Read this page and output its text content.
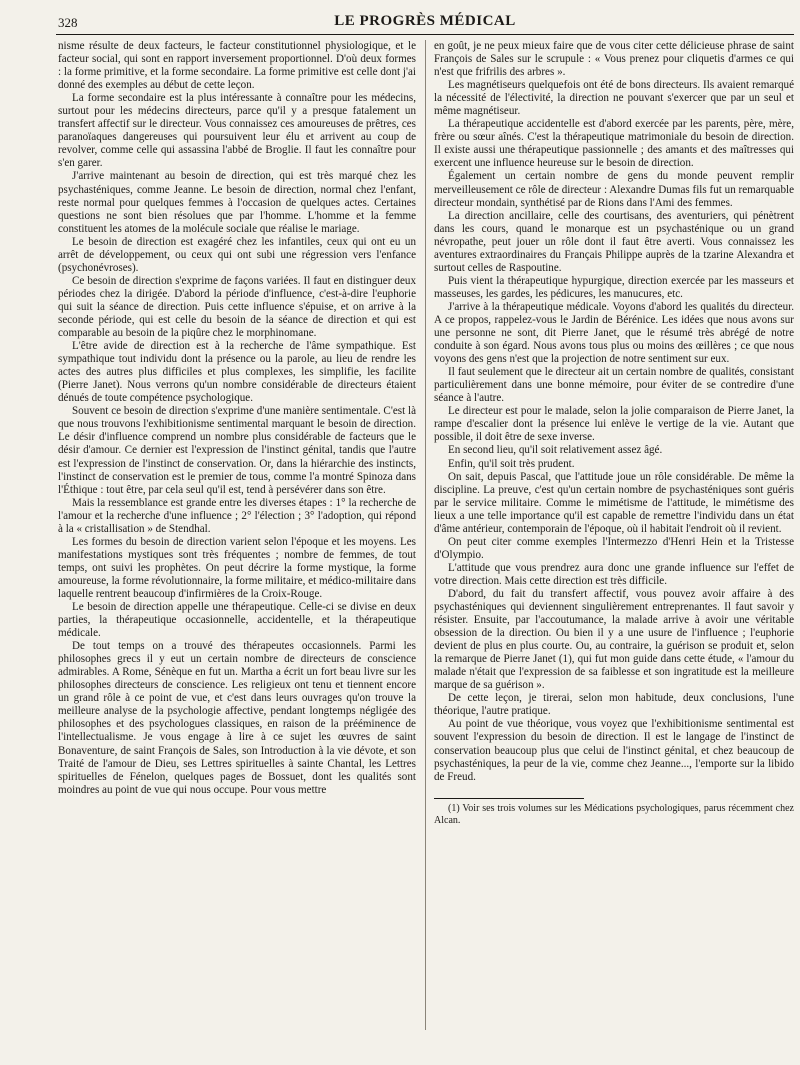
328	LE PROGRÈS MÉDICAL

nisme résulte de deux facteurs, le facteur constitutionnel physiologique, et le facteur social, qui sont en rapport inversement proportionnel. D'où deux formes : la forme primitive, et la forme secondaire. La forme primitive est celle dont j'ai donné des exemples au début de cette leçon.

La forme secondaire est la plus intéressante à connaître pour les médecins, surtout pour les médecins directeurs, parce qu'il y a presque fatalement un transfert affectif sur le directeur. Vous connaissez ces amoureuses de prêtres, ces paranoïaques dangereuses qui poursuivent leur élu et arrivent au coup de revolver, comme celle qui assassina l'abbé de Broglie. Il faut les connaître pour s'en garer.

J'arrive maintenant au besoin de direction, qui est très marqué chez les psychasténiques, comme Jeanne. Le besoin de direction, normal chez l'enfant, reste normal pour quelques femmes à l'occasion de quelques actes. Certaines questions ne sont bien résolues que par l'homme. L'homme et la femme constituent les atomes de la molécule sociale que réalise le mariage.

Le besoin de direction est exagéré chez les infantiles, ceux qui ont eu un arrêt de développement, ou ceux qui ont subi une régression vers l'enfance (psychonévroses).

Ce besoin de direction s'exprime de façons variées. Il faut en distinguer deux périodes chez la dirigée. D'abord la période d'influence, c'est-à-dire l'euphorie qui suit la séance de direction. Puis cette influence s'épuise, et on arrive à la seconde période, qui est celle du besoin de la séance de direction et qui est comparable au besoin de la piqûre chez le morphinomane.

L'être avide de direction est à la recherche de l'âme sympathique. Est sympathique tout individu dont la présence ou la parole, au lieu de rendre les actes des autres plus difficiles et plus complexes, les simplifie, les facilite (Pierre Janet). Nous verrons qu'un nombre considérable de directeurs étaient dénués de toute compétence psychologique.

Souvent ce besoin de direction s'exprime d'une manière sentimentale. C'est là que nous trouvons l'exhibitionisme sentimental marquant le besoin de direction. Le désir d'influence comprend un nombre plus considérable de facteurs que le désir d'amour. Ce dernier est l'expression de l'instinct génital, tandis que l'autre est l'expression de l'instinct de conservation. Or, dans la hiérarchie des instincts, l'instinct de conservation est le premier de tous, comme l'a montré Spinoza dans l'Éthique : tout être, par cela seul qu'il est, tend à persévérer dans son être.

Mais la ressemblance est grande entre les diverses étapes : 1° la recherche de l'amour et la recherche d'une influence ; 2° l'élection ; 3° l'adoption, qui répond à la « cristallisation » de Stendhal.

Les formes du besoin de direction varient selon l'époque et les moyens. Les manifestations mystiques sont très fréquentes ; nombre de femmes, de tout temps, ont suivi les prophètes. On peut décrire la forme mystique, la forme amoureuse, la forme révolutionnaire, la forme militaire, et médico-militaire dans laquelle rentrent beaucoup d'infirmières de la Croix-Rouge.

Le besoin de direction appelle une thérapeutique. Celle-ci se divise en deux parties, la thérapeutique occasionnelle, accidentelle, et la thérapeutique médicale.

De tout temps on a trouvé des thérapeutes occasionnels. Parmi les philosophes grecs il y eut un certain nombre de directeurs de conscience admirables. A Rome, Sénèque en fut un. Martha a écrit un fort beau livre sur les philosophes directeurs de conscience. Les religieux ont tenu et tiennent encore un grand rôle à ce point de vue, et c'est dans leurs ouvrages qu'on trouve la meilleure analyse de la psychologie affective, pendant longtemps négligée des philosophes et des psychologues classiques, en raison de la prééminence de l'intellectualisme. Je vous engage à lire à ce sujet les œuvres de saint Bonaventure, de saint François de Sales, son Introduction à la vie dévote, et son Traité de l'amour de Dieu, ses Lettres spirituelles à sainte Chantal, les Lettres spirituelles de Fénelon, quelques pages de Bossuet, dont les qualités sont moindres au point de vue qui nous occupe. Pour vous mettre

en goût, je ne peux mieux faire que de vous citer cette délicieuse phrase de saint François de Sales sur le scrupule : « Vous prenez pour cliquetis d'armes ce qui n'est que frifrilis des arbres ».

Les magnétiseurs quelquefois ont été de bons directeurs. Ils avaient remarqué la nécessité de l'électivité, la direction ne pouvant s'exercer que par un seul et même magnétiseur.

La thérapeutique accidentelle est d'abord exercée par les parents, père, mère, frère ou sœur aînés. C'est la thérapeutique matrimoniale du besoin de direction. Il existe aussi une thérapeutique passionnelle ; des amants et des maîtresses qui exercent une influence heureuse sur le besoin de direction.

Également un certain nombre de gens du monde peuvent remplir merveilleusement ce rôle de directeur : Alexandre Dumas fils fut un remarquable directeur mondain, synthétisé par de Rions dans l'Ami des femmes.

La direction ancillaire, celle des courtisans, des aventuriers, qui pénètrent dans les cours, quand le monarque est un psychasténique ou un grand névropathe, peut jouer un rôle dont il faut être averti. Vous connaissez les aventures extraordinaires du Français Philippe auprès de la tzarine Alexandra et surtout celles de Raspoutine.

Puis vient la thérapeutique hypurgique, direction exercée par les masseurs et masseuses, les gardes, les pédicures, les manucures, etc.

J'arrive à la thérapeutique médicale. Voyons d'abord les qualités du directeur. A ce propos, rappelez-vous le Jardin de Bérénice. Les idées que nous avons sur une personne ne sont, dit Pierre Janet, que le résumé très abrégé de notre conduite à son égard. Nous avons tous plus ou moins des œillères ; ce que nous voyons des gens n'est que la projection de notre sentiment sur eux.

Il faut seulement que le directeur ait un certain nombre de qualités, consistant particulièrement dans une bonne mémoire, pour éviter de se contredire d'une séance à l'autre.

Le directeur est pour le malade, selon la jolie comparaison de Pierre Janet, la rampe d'escalier dont la présence lui enlève le vertige de la vie. Autant que possible, il doit être de sexe inverse.

En second lieu, qu'il soit relativement assez âgé.

Enfin, qu'il soit très prudent.

On sait, depuis Pascal, que l'attitude joue un rôle considérable. De même la discipline. La preuve, c'est qu'un certain nombre de psychasténiques sont guéris par le service militaire. Comme le mimétisme de l'attitude, le mimétisme des lieux a une telle importance qu'il est capable de remettre l'individu dans un état d'âme antérieur, contemporain de l'époque, où il habitait l'endroit où il revient.

On peut citer comme exemples l'Intermezzo d'Henri Hein et la Tristesse d'Olympio.

L'attitude que vous prendrez aura donc une grande influence sur l'effet de votre direction. Mais cette direction est très difficile.

D'abord, du fait du transfert affectif, vous pouvez avoir affaire à des psychasténiques qui deviennent singulièrement entreprenantes. Il faut savoir y résister. Ensuite, par l'accoutumance, la malade arrive à avoir une véritable obsession de la direction. Ou bien il y a une usure de l'influence ; l'euphorie devient de plus en plus courte. Ou, au contraire, la guérison se produit et, selon la remarque de Pierre Janet (1), qui fut mon guide dans cette étude, « l'amour du malade n'était que l'expression de sa faiblesse et son ingratitude est la meilleure marque de sa guérison ».

De cette leçon, je tirerai, selon mon habitude, deux conclusions, l'une théorique, l'autre pratique.

Au point de vue théorique, vous voyez que l'exhibitionisme sentimental est souvent l'expression du besoin de direction. Il est le langage de l'instinct de conservation beaucoup plus que celui de l'instinct génital, et chez beaucoup de psychasténiques, la peur de la vie, comme chez Jeanne..., l'emporte sur la libido de Freud.

(1) Voir ses trois volumes sur les Médications psychologiques, parus récemment chez Alcan.
